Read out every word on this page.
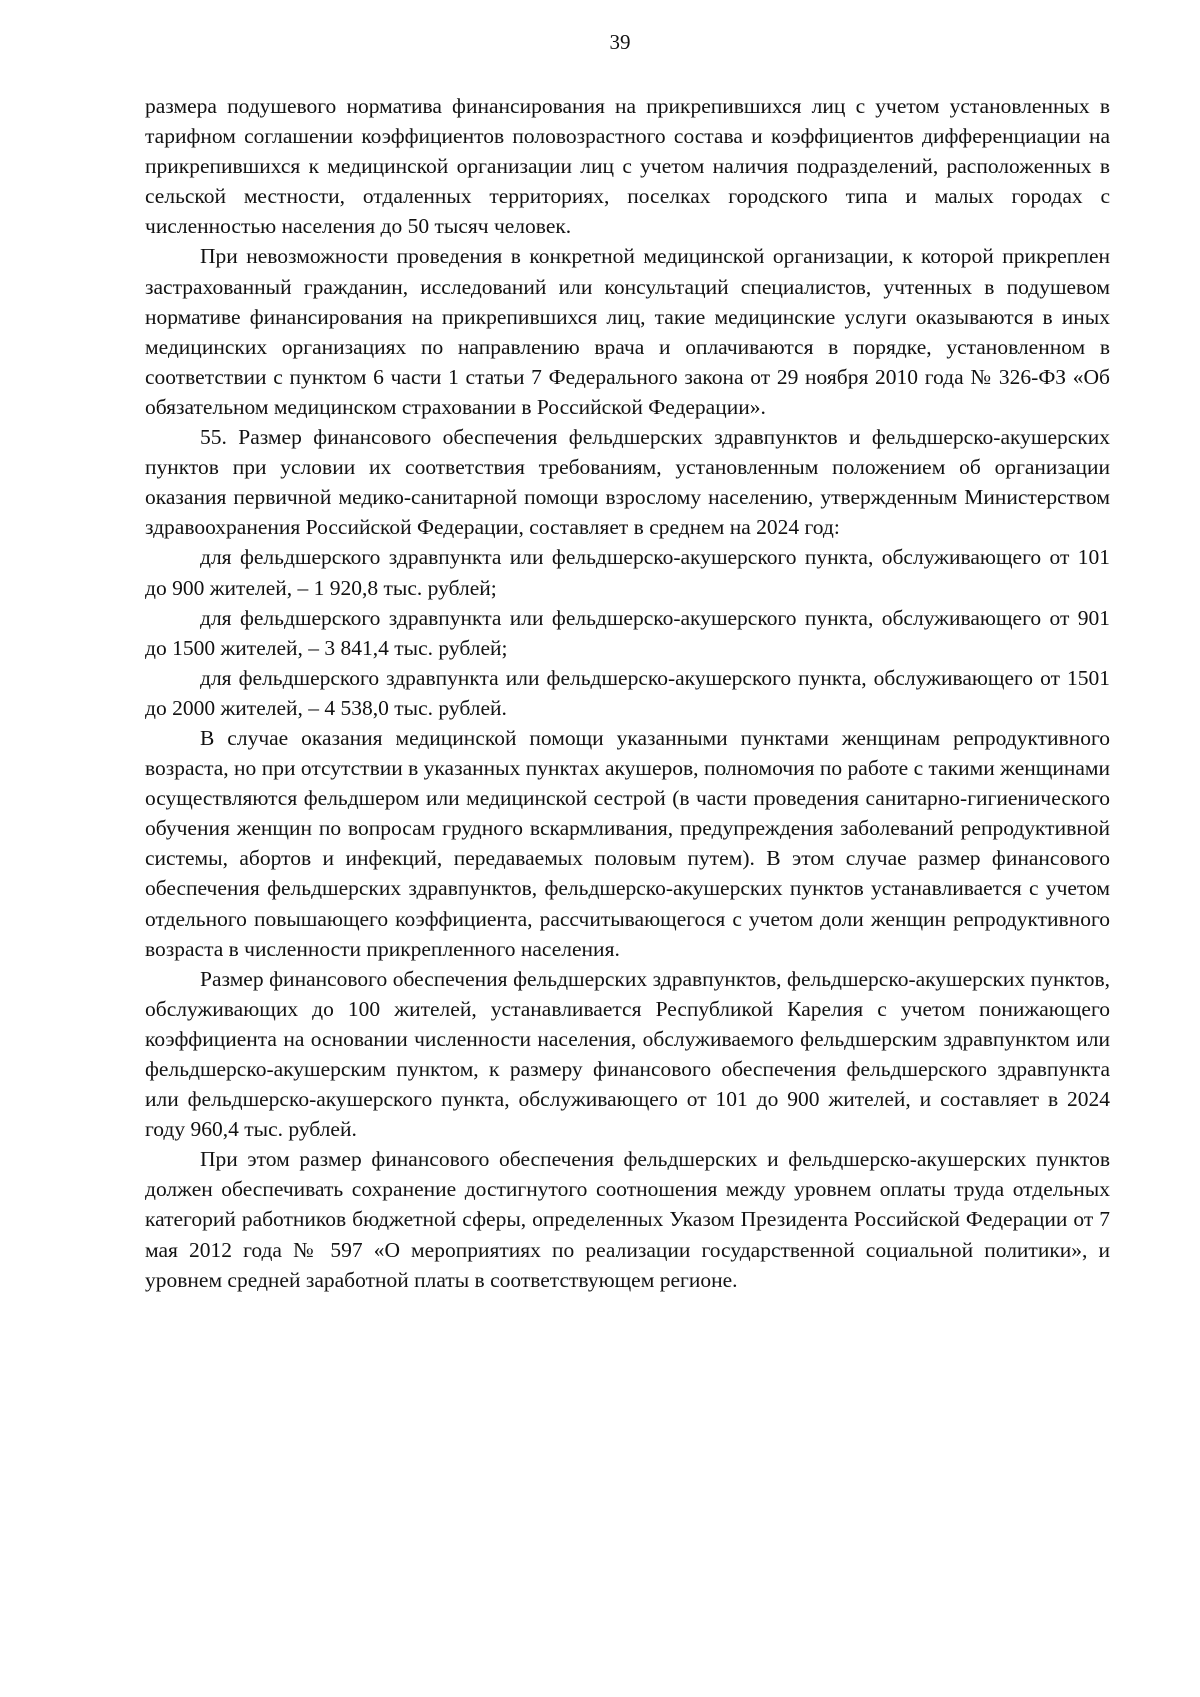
39

размера подушевого норматива финансирования на прикрепившихся лиц с учетом установленных в тарифном соглашении коэффициентов половозрастного состава и коэффициентов дифференциации на прикрепившихся к медицинской организации лиц с учетом наличия подразделений, расположенных в сельской местности, отдаленных территориях, поселках городского типа и малых городах с численностью населения до 50 тысяч человек.

При невозможности проведения в конкретной медицинской организации, к которой прикреплен застрахованный гражданин, исследований или консультаций специалистов, учтенных в подушевом нормативе финансирования на прикрепившихся лиц, такие медицинские услуги оказываются в иных медицинских организациях по направлению врача и оплачиваются в порядке, установленном в соответствии с пунктом 6 части 1 статьи 7 Федерального закона от 29 ноября 2010 года № 326-ФЗ «Об обязательном медицинском страховании в Российской Федерации».

55. Размер финансового обеспечения фельдшерских здравпунктов и фельдшерско-акушерских пунктов при условии их соответствия требованиям, установленным положением об организации оказания первичной медико-санитарной помощи взрослому населению, утвержденным Министерством здравоохранения Российской Федерации, составляет в среднем на 2024 год:

для фельдшерского здравпункта или фельдшерско-акушерского пункта, обслуживающего от 101 до 900 жителей, – 1 920,8 тыс. рублей;

для фельдшерского здравпункта или фельдшерско-акушерского пункта, обслуживающего от 901 до 1500 жителей, – 3 841,4 тыс. рублей;

для фельдшерского здравпункта или фельдшерско-акушерского пункта, обслуживающего от 1501 до 2000 жителей, – 4 538,0 тыс. рублей.

В случае оказания медицинской помощи указанными пунктами женщинам репродуктивного возраста, но при отсутствии в указанных пунктах акушеров, полномочия по работе с такими женщинами осуществляются фельдшером или медицинской сестрой (в части проведения санитарно-гигиенического обучения женщин по вопросам грудного вскармливания, предупреждения заболеваний репродуктивной системы, абортов и инфекций, передаваемых половым путем). В этом случае размер финансового обеспечения фельдшерских здравпунктов, фельдшерско-акушерских пунктов устанавливается с учетом отдельного повышающего коэффициента, рассчитывающегося с учетом доли женщин репродуктивного возраста в численности прикрепленного населения.

Размер финансового обеспечения фельдшерских здравпунктов, фельдшерско-акушерских пунктов, обслуживающих до 100 жителей, устанавливается Республикой Карелия с учетом понижающего коэффициента на основании численности населения, обслуживаемого фельдшерским здравпунктом или фельдшерско-акушерским пунктом, к размеру финансового обеспечения фельдшерского здравпункта или фельдшерско-акушерского пункта, обслуживающего от 101 до 900 жителей, и составляет в 2024 году 960,4 тыс. рублей.

При этом размер финансового обеспечения фельдшерских и фельдшерско-акушерских пунктов должен обеспечивать сохранение достигнутого соотношения между уровнем оплаты труда отдельных категорий работников бюджетной сферы, определенных Указом Президента Российской Федерации от 7 мая 2012 года № 597 «О мероприятиях по реализации государственной социальной политики», и уровнем средней заработной платы в соответствующем регионе.
